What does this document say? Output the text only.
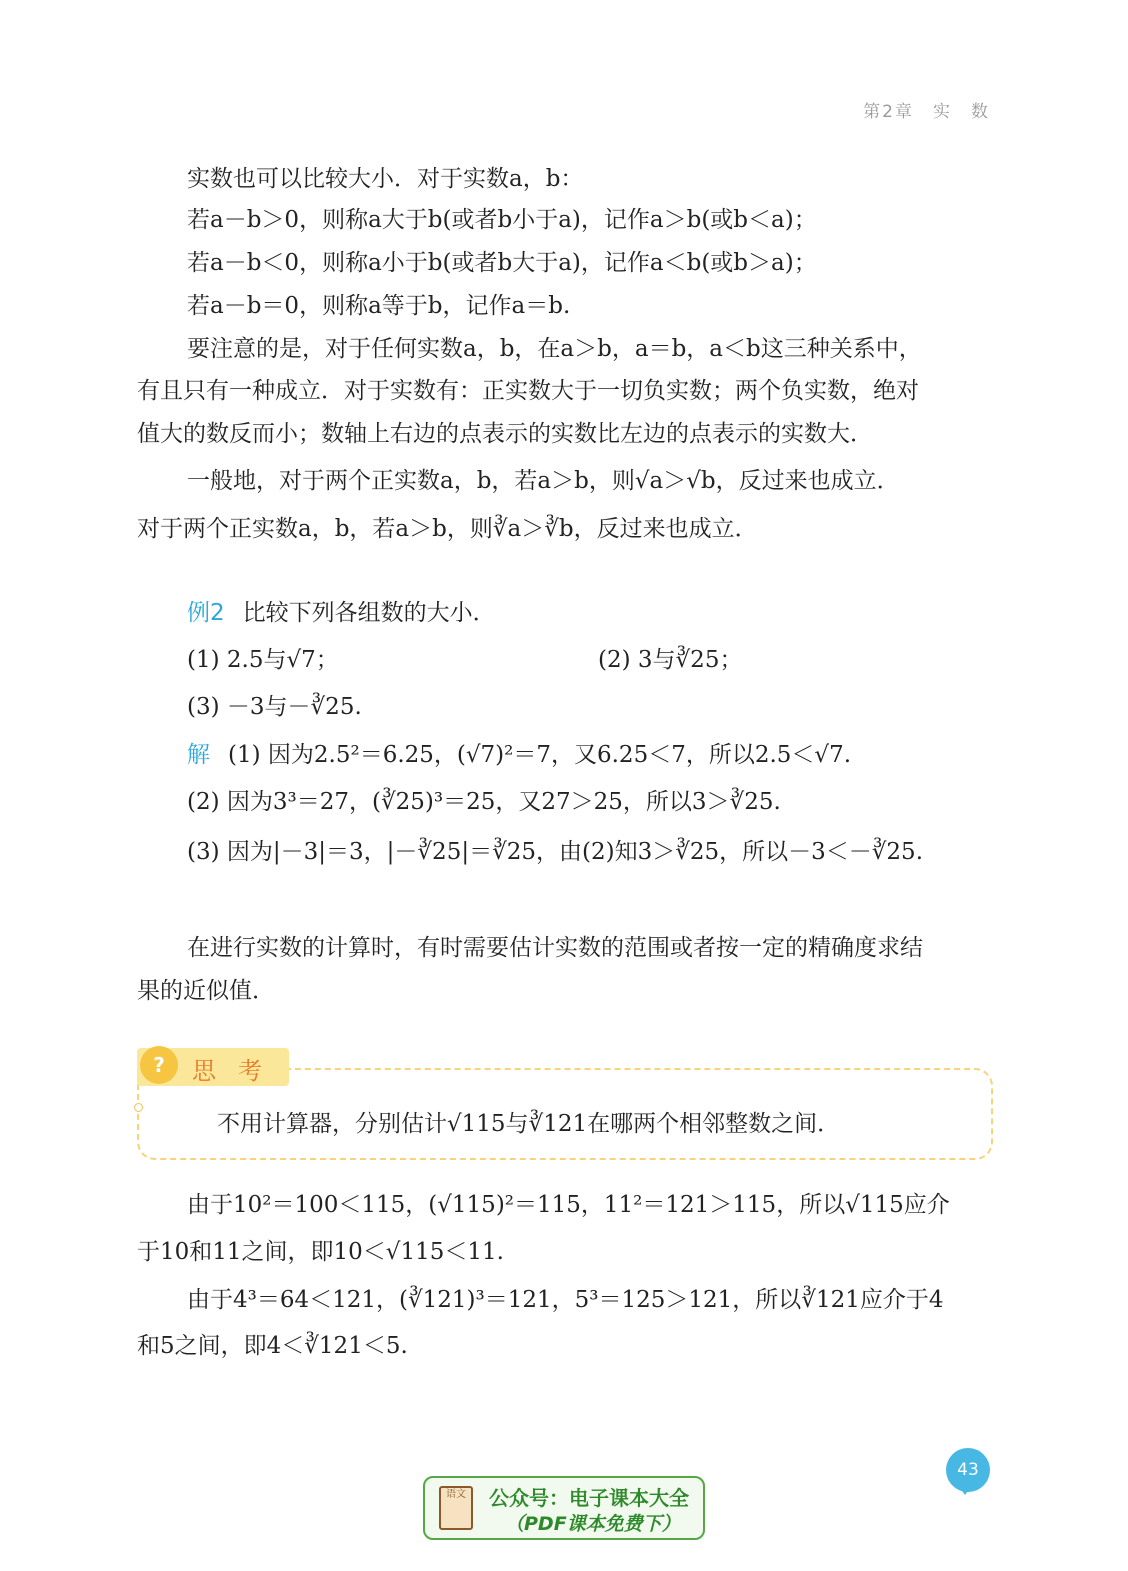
第2章　实　数
实数也可以比较大小．对于实数a，b：
若a－b＞0，则称a大于b(或者b小于a)，记作a＞b(或b＜a)；
若a－b＜0，则称a小于b(或者b大于a)，记作a＜b(或b＞a)；
若a－b＝0，则称a等于b，记作a＝b.
要注意的是，对于任何实数a，b，在a＞b，a＝b，a＜b这三种关系中，
有且只有一种成立．对于实数有：正实数大于一切负实数；两个负实数，绝对
值大的数反而小；数轴上右边的点表示的实数比左边的点表示的实数大．
一般地，对于两个正实数a，b，若a＞b，则√a＞√b，反过来也成立．
对于两个正实数a，b，若a＞b，则∛a＞∛b，反过来也成立．
例2 比较下列各组数的大小．
(1) 2.5与√7；	(2) 3与∛25；
(3) －3与－∛25.
解 (1) 因为2.5²＝6.25，(√7)²＝7，又6.25＜7，所以2.5＜√7.
(2) 因为3³＝27，(∛25)³＝25，又27＞25，所以3＞∛25.
(3) 因为|－3|＝3，|－∛25|＝∛25，由(2)知3＞∛25，所以－3＜－∛25.
在进行实数的计算时，有时需要估计实数的范围或者按一定的精确度求结
果的近似值．
?	思考
不用计算器，分别估计√115与∛121在哪两个相邻整数之间．
由于10²＝100＜115，(√115)²＝115，11²＝121＞115，所以√115应介
于10和11之间，即10＜√115＜11.
由于4³＝64＜121，(∛121)³＝121，5³＝125＞121，所以∛121应介于4
和5之间，即4＜∛121＜5.
43
语文	公众号：电子课本大全
（PDF课本免费下）
